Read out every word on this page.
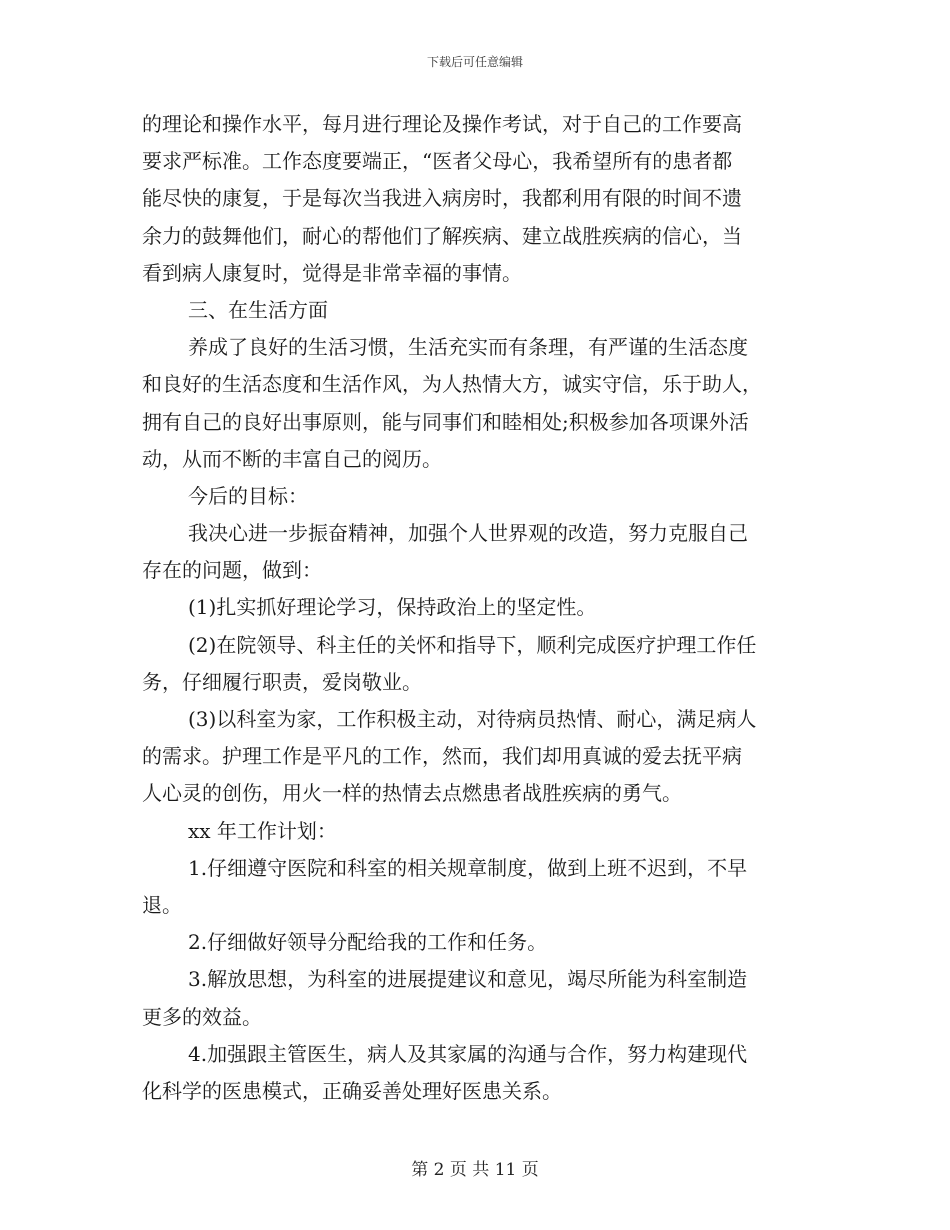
下载后可任意编辑
的理论和操作水平，每月进行理论及操作考试，对于自己的工作要高
要求严标准。工作态度要端正，“医者父母心，我希望所有的患者都
能尽快的康复，于是每次当我进入病房时，我都利用有限的时间不遗
余力的鼓舞他们，耐心的帮他们了解疾病、建立战胜疾病的信心，当
看到病人康复时，觉得是非常幸福的事情。
三、在生活方面
养成了良好的生活习惯，生活充实而有条理，有严谨的生活态度
和良好的生活态度和生活作风，为人热情大方，诚实守信，乐于助人，
拥有自己的良好出事原则，能与同事们和睦相处;积极参加各项课外活
动，从而不断的丰富自己的阅历。
今后的目标：
我决心进一步振奋精神，加强个人世界观的改造，努力克服自己
存在的问题，做到：
(1)扎实抓好理论学习，保持政治上的坚定性。
(2)在院领导、科主任的关怀和指导下，顺利完成医疗护理工作任
务，仔细履行职责，爱岗敬业。
(3)以科室为家，工作积极主动，对待病员热情、耐心，满足病人
的需求。护理工作是平凡的工作，然而，我们却用真诚的爱去抚平病
人心灵的创伤，用火一样的热情去点燃患者战胜疾病的勇气。
xx 年工作计划：
1.仔细遵守医院和科室的相关规章制度，做到上班不迟到，不早
退。
2.仔细做好领导分配给我的工作和任务。
3.解放思想，为科室的进展提建议和意见，竭尽所能为科室制造
更多的效益。
4.加强跟主管医生，病人及其家属的沟通与合作，努力构建现代
化科学的医患模式，正确妥善处理好医患关系。
第 2 页 共 11 页
